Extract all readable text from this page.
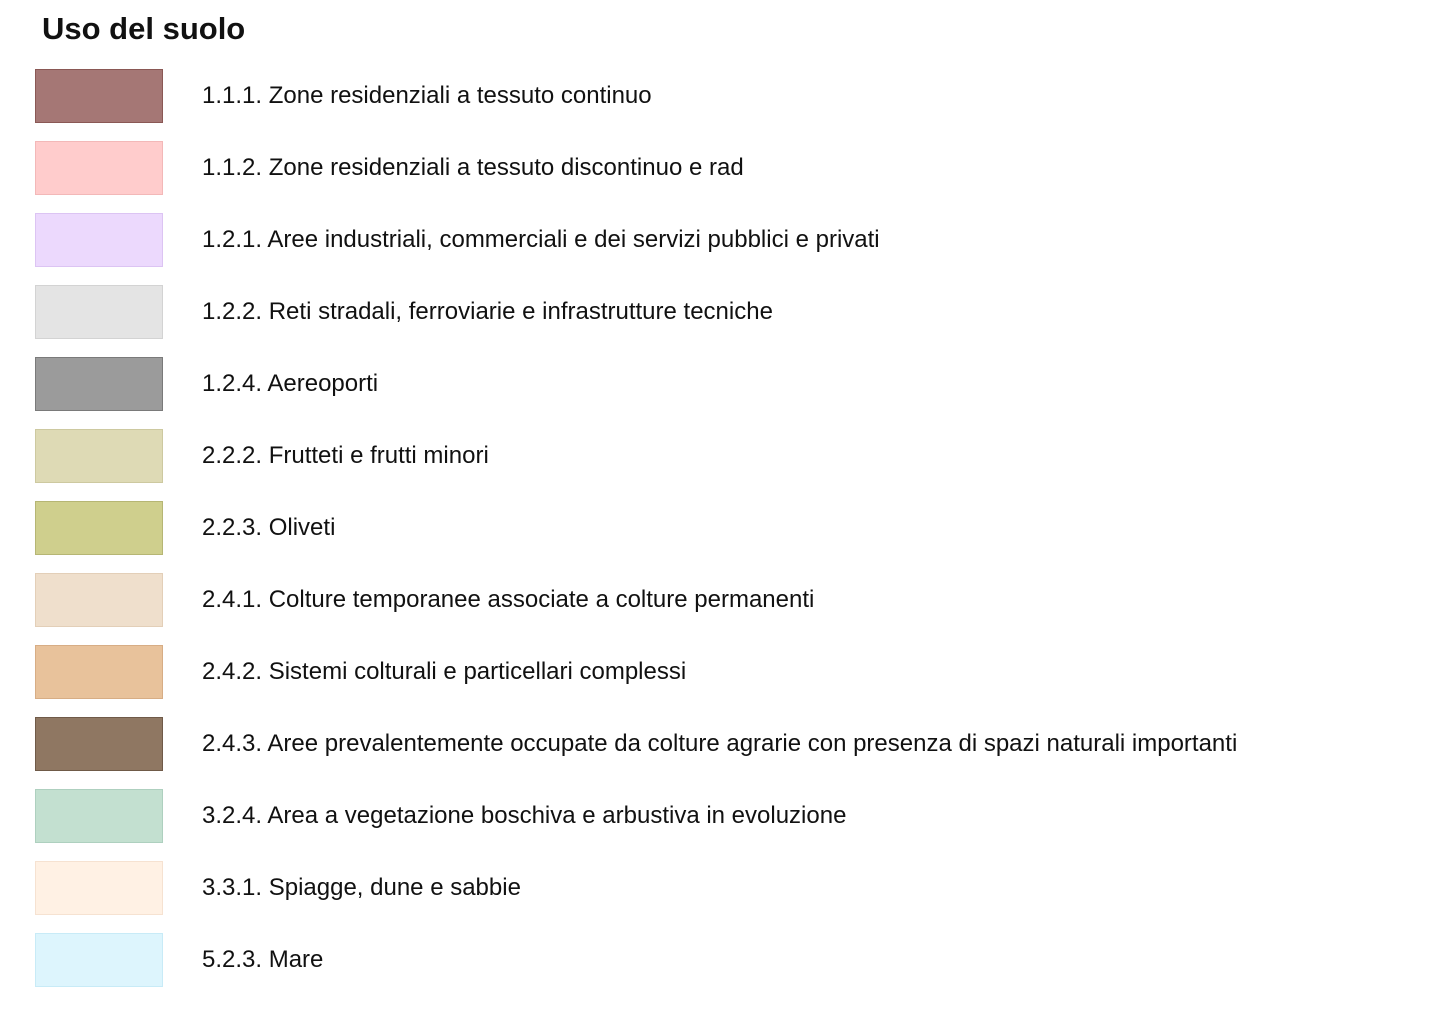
Uso del suolo
1.1.1. Zone residenziali a tessuto continuo
1.1.2. Zone residenziali a tessuto discontinuo e rad
1.2.1. Aree industriali, commerciali e dei servizi pubblici e privati
1.2.2. Reti stradali, ferroviarie e infrastrutture tecniche
1.2.4. Aereoporti
2.2.2. Frutteti e frutti minori
2.2.3. Oliveti
2.4.1. Colture temporanee associate a colture permanenti
2.4.2. Sistemi colturali e particellari complessi
2.4.3. Aree prevalentemente occupate da colture agrarie con presenza di spazi naturali importanti
3.2.4. Area a vegetazione boschiva e arbustiva in evoluzione
3.3.1. Spiagge, dune e sabbie
5.2.3. Mare
